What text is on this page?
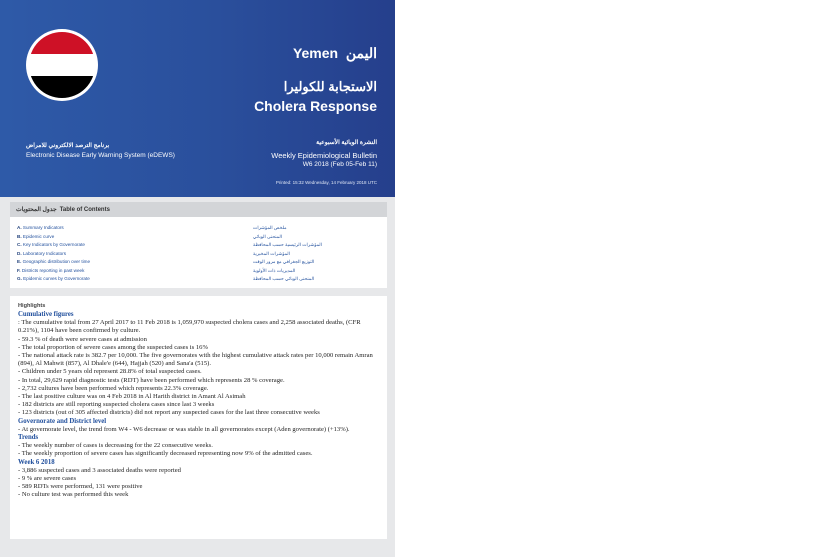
Yemen اليمن
الاستجابة للكوليرا
Cholera Response
النشرة الوبائية الأسبوعية
Weekly Epidemiological Bulletin
W6 2018 (Feb 05-Feb 11)
Printed: 15:32 Wednesday, 14 February 2018 UTC
برنامج الترصد الالكتروني للامراض
Electronic Disease Early Warning System (eDEWS)
جدول المحتويات Table of Contents
A. Summary Indicators	ملخص المؤشرات
B. Epidemic curve	المنحنى الوبائي
C. Key Indicators by Governorate	المؤشرات الرئيسية حسب المحافظة
D. Laboratory Indicators	المؤشرات المخبرية
E. Geographic distribution over time	التوزيع الجغرافي مع مرور الوقت
F. Districts reporting in past week	المديريات ذات الأولوية
G. Epidemic curves by Governorate	المنحنى الوبائي حسب المحافظة
Highlights
Cumulative figures
: The cumulative total from 27 April 2017 to 11 Feb 2018 is 1,059,970 suspected cholera cases and 2,258 associated deaths, (CFR 0.21%), 1104 have been confirmed by culture.
- 59.3 % of death were severe cases at admission
- The total proportion of severe cases among the suspected cases is 16%
- The national attack rate is 382.7 per 10,000. The five governorates with the highest cumulative attack rates per 10,000 remain Amran (894), Al Mahwit (857), Al Dhale'e (644), Hajjah (520) and Sana'a (515).
- Children under 5 years old represent 28.8% of total suspected cases.
- In total, 29,629 rapid diagnostic tests (RDT) have been performed which represents 28 % coverage.
- 2,732 cultures have been performed which represents 22.3% coverage.
- The last positive culture was on 4 Feb 2018 in Al Harith district in Amant Al Asimah
- 182 districts are still reporting suspected cholera cases since last 3 weeks
- 123 districts (out of 305 affected districts) did not report any suspected cases for the last three consecutive weeks
Governorate and District level
- At governorate level, the trend from W4 - W6 decrease or was stable in all governorates except (Aden governorate) (+13%).
Trends
- The weekly number of cases is decreasing for the 22 consecutive weeks.
- The weekly proportion of severe cases has significantly decreased representing now 9% of the admitted cases.
Week 6 2018
- 3,886 suspected cases and 3 associated deaths were reported
- 9 % are severe cases
- 589 RDTs were performed, 131 were positive
- No culture test was performed this week
